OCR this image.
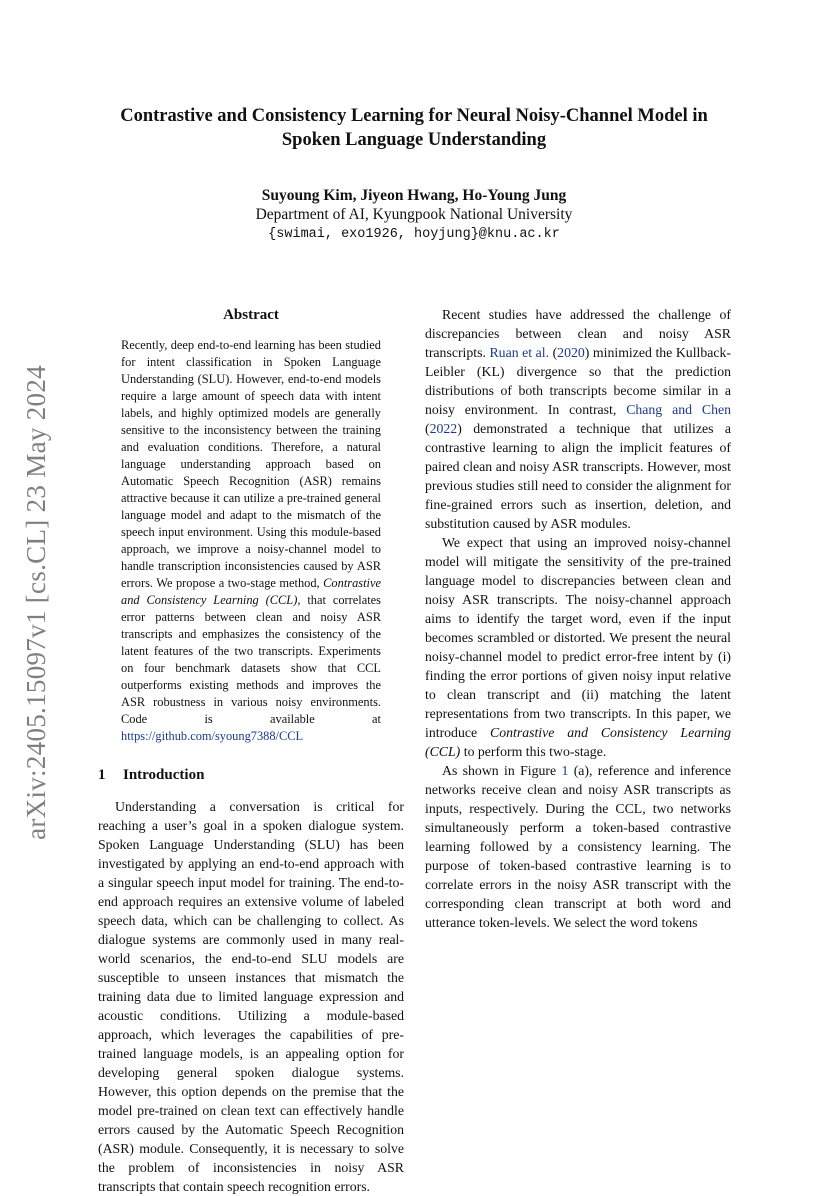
arXiv:2405.15097v1 [cs.CL] 23 May 2024
Contrastive and Consistency Learning for Neural Noisy-Channel Model in Spoken Language Understanding
Suyoung Kim, Jiyeon Hwang, Ho-Young Jung
Department of AI, Kyungpook National University
{swimai, exo1926, hoyjung}@knu.ac.kr
Abstract

Recently, deep end-to-end learning has been studied for intent classification in Spoken Language Understanding (SLU). However, end-to-end models require a large amount of speech data with intent labels, and highly optimized models are generally sensitive to the inconsistency between the training and evaluation conditions. Therefore, a natural language understanding approach based on Automatic Speech Recognition (ASR) remains attractive because it can utilize a pre-trained general language model and adapt to the mismatch of the speech input environment. Using this module-based approach, we improve a noisy-channel model to handle transcription inconsistencies caused by ASR errors. We propose a two-stage method, Contrastive and Consistency Learning (CCL), that correlates error patterns between clean and noisy ASR transcripts and emphasizes the consistency of the latent features of the two transcripts. Experiments on four benchmark datasets show that CCL outperforms existing methods and improves the ASR robustness in various noisy environments. Code is available at https://github.com/syoung7388/CCL

1 Introduction

Understanding a conversation is critical for reaching a user’s goal in a spoken dialogue system. Spoken Language Understanding (SLU) has been investigated by applying an end-to-end approach with a singular speech input model for training. The end-to-end approach requires an extensive volume of labeled speech data, which can be challenging to collect. As dialogue systems are commonly used in many real-world scenarios, the end-to-end SLU models are susceptible to unseen instances that mismatch the training data due to limited language expression and acoustic conditions. Utilizing a module-based approach, which leverages the capabilities of pre-trained language models, is an appealing option for developing general spoken dialogue systems. However, this option depends on the premise that the model pre-trained on clean text can effectively handle errors caused by the Automatic Speech Recognition (ASR) module. Consequently, it is necessary to solve the problem of inconsistencies in noisy ASR transcripts that contain speech recognition errors.

Recent studies have addressed the challenge of discrepancies between clean and noisy ASR transcripts. Ruan et al. (2020) minimized the Kullback-Leibler (KL) divergence so that the prediction distributions of both transcripts become similar in a noisy environment. In contrast, Chang and Chen (2022) demonstrated a technique that utilizes a contrastive learning to align the implicit features of paired clean and noisy ASR transcripts. However, most previous studies still need to consider the alignment for fine-grained errors such as insertion, deletion, and substitution caused by ASR modules.

We expect that using an improved noisy-channel model will mitigate the sensitivity of the pre-trained language model to discrepancies between clean and noisy ASR transcripts. The noisy-channel approach aims to identify the target word, even if the input becomes scrambled or distorted. We present the neural noisy-channel model to predict error-free intent by (i) finding the error portions of given noisy input relative to clean transcript and (ii) matching the latent representations from two transcripts. In this paper, we introduce Contrastive and Consistency Learning (CCL) to perform this two-stage.

As shown in Figure 1 (a), reference and inference networks receive clean and noisy ASR transcripts as inputs, respectively. During the CCL, two networks simultaneously perform a token-based contrastive learning followed by a consistency learning. The purpose of token-based contrastive learning is to correlate errors in the noisy ASR transcript with the corresponding clean transcript at both word and utterance token-levels. We select the word tokens
